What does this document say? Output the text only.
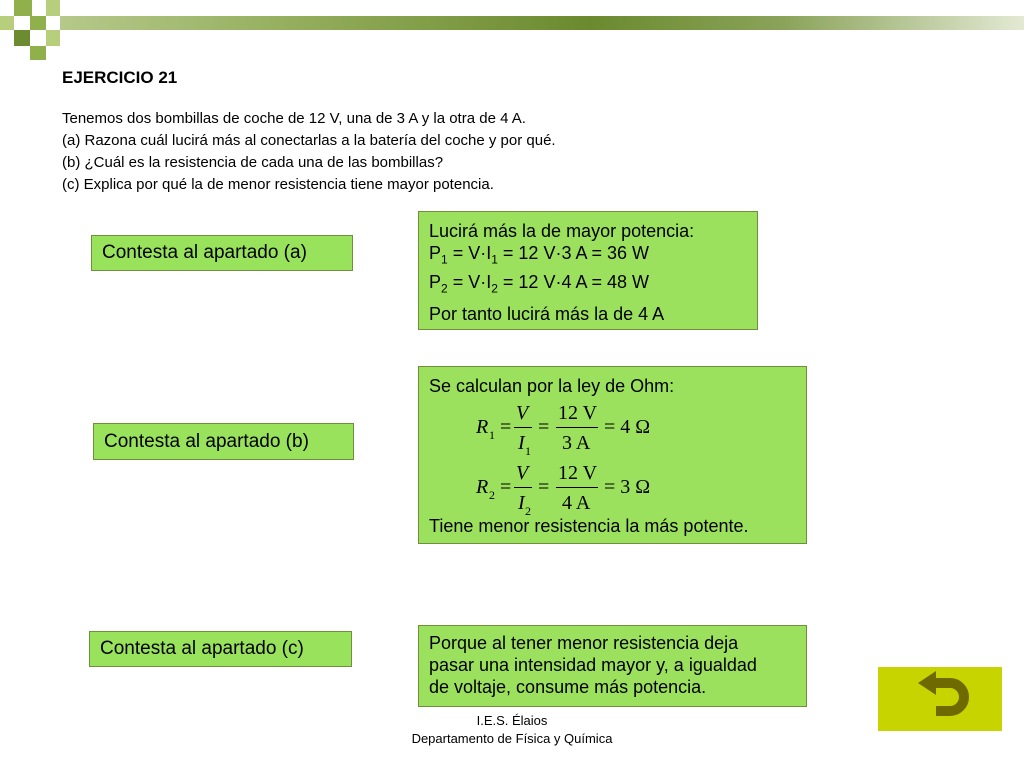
EJERCICIO 21
Tenemos dos bombillas de coche de 12 V, una de 3 A y la otra de 4 A.
(a) Razona cuál lucirá más al conectarlas a la batería del coche y por qué.
(b) ¿Cuál es la resistencia de cada una de las bombillas?
(c) Explica por qué la de menor resistencia tiene mayor potencia.
Contesta al apartado (a)
Contesta al apartado (b)
Contesta al apartado (c)
Lucirá más la de mayor potencia:
$P_1 = V\cdot I_1 = 12$ V·3 A = 36 W
$P_2 = V\cdot I_2 = 12$ V·4 A = 48 W
Por tanto lucirá más la de 4 A
Se calculan por la ley de Ohm:
Tiene menor resistencia la más potente.
R 1 =
V
I 1
=
12 V
3 A
= 4 Ω
R 2 =
V
I 2
=
12 V
4 A
= 3 Ω
Porque al tener menor resistencia deja
pasar una intensidad mayor y, a igualdad
de voltaje, consume más potencia.
I.E.S. Élaios
Departamento de Física y Química
